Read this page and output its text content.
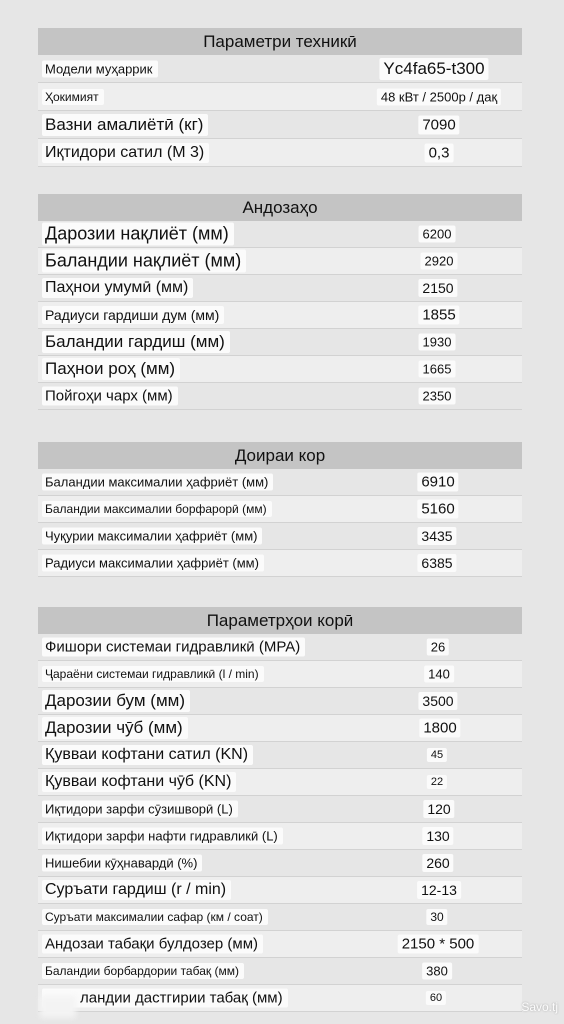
Параметри техникӣ
Модели муҳаррик	Yc4fa65-t300
Ҳокимият	48 кВт / 2500р / дақ
Вазни амалиётӣ (кг)	7090
Иқтидори сатил (М 3)	0,3
Андозаҳо
Дарозии нақлиёт (мм)	6200
Баландии нақлиёт (мм)	2920
Паҳнои умумӣ (мм)	2150
Радиуси гардиши дум (мм)	1855
Баландии гардиш (мм)	1930
Паҳнои роҳ (мм)	1665
Пойгоҳи чарх (мм)	2350
Доираи кор
Баландии максималии ҳафриёт (мм)	6910
Баландии максималии борфарорӣ (мм)	5160
Чуқурии максималии ҳафриёт (мм)	3435
Радиуси максималии ҳафриёт (мм)	6385
Параметрҳои корӣ
Фишори системаи гидравликӣ (MPA)	26
Ҷараёни системаи гидравликӣ (l / min)	140
Дарозии бум (мм)	3500
Дарозии чӯб (мм)	1800
Қувваи кофтани сатил (KN)	45
Қувваи кофтани чӯб (KN)	22
Иқтидори зарфи сӯзишворӣ (L)	120
Иқтидори зарфи нафти гидравликӣ (L)	130
Нишебии кӯҳнавардӣ (%)	260
Суръати гардиш (r / min)	12-13
Суръати максималии сафар (км / соат)	30
Андозаи табақи булдозер (мм)	2150 * 500
Баландии борбардории табақ (мм)	380
ландии дастгирии табақ (мм)	60
Savo.tj
